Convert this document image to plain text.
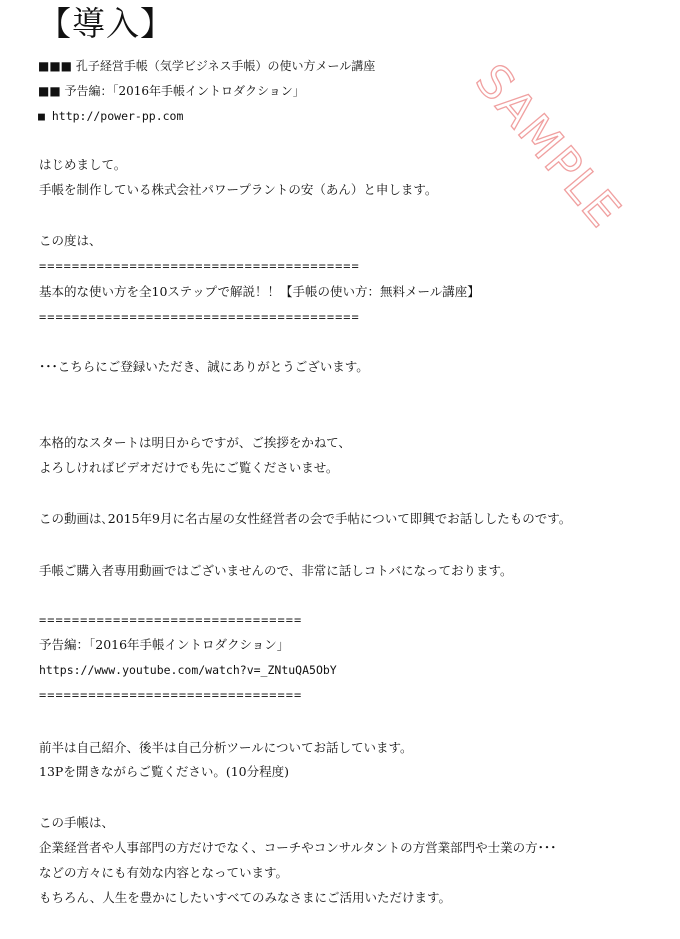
【導入】
SAMPLE
■■■ 孔子経営手帳（気学ビジネス手帳）の使い方メール講座
■■ 予告編：「2016年手帳イントロダクション」
■ http://power-pp.com
はじめまして。
手帳を制作している株式会社パワープラントの安（あん）と申します。
この度は、
=======================================
基本的な使い方を全10ステップで解説！！【手帳の使い方：無料メール講座】
=======================================
･･･こちらにご登録いただき、誠にありがとうございます。
本格的なスタートは明日からですが、ご挨拶をかねて、
よろしければビデオだけでも先にご覧くださいませ。
この動画は､2015年9月に名古屋の女性経営者の会で手帖について即興でお話ししたものです。
手帳ご購入者専用動画ではございませんので、非常に話しコトバになっております。
================================
予告編：「2016年手帳イントロダクション」
https://www.youtube.com/watch?v=_ZNtuQA5ObY
================================
前半は自己紹介、後半は自己分析ツールについてお話しています。
13Pを開きながらご覧ください。(10分程度)
この手帳は、
企業経営者や人事部門の方だけでなく、コーチやコンサルタントの方営業部門や士業の方･･･
などの方々にも有効な内容となっています。
もちろん、人生を豊かにしたいすべてのみなさまにご活用いただけます。
